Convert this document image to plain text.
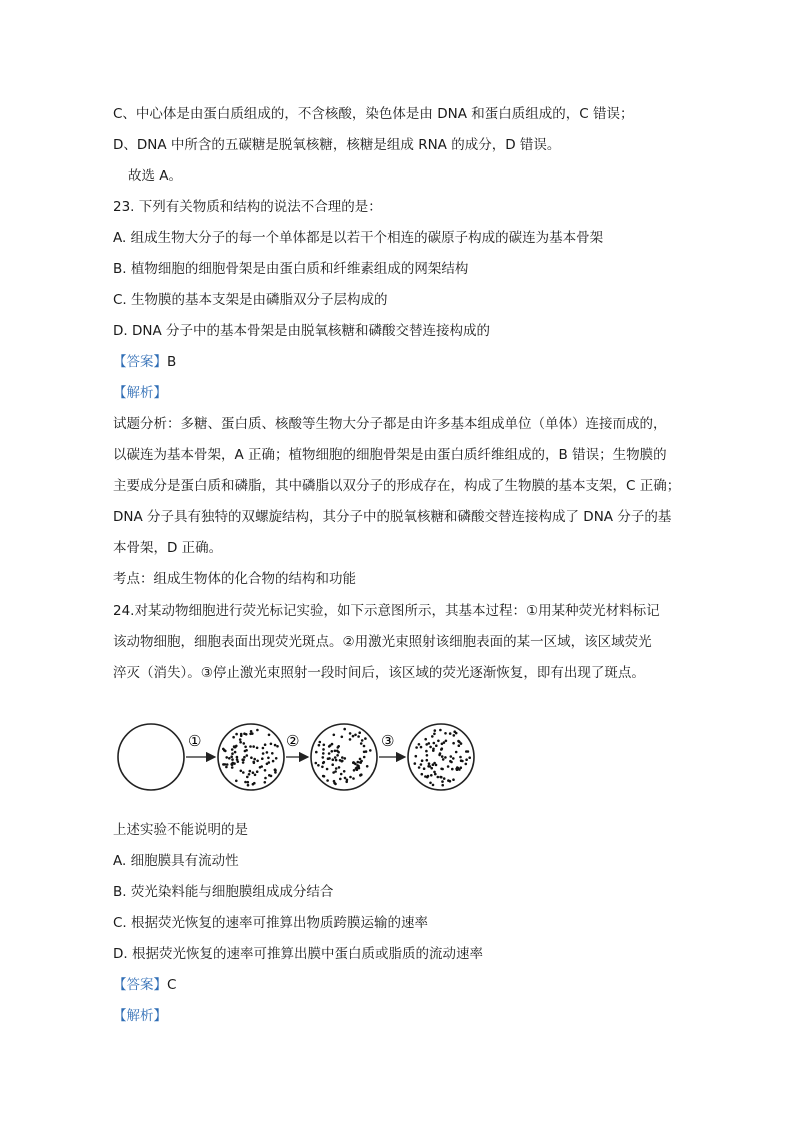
C、中心体是由蛋白质组成的，不含核酸，染色体是由 DNA 和蛋白质组成的，C 错误；
D、DNA 中所含的五碳糖是脱氧核糖，核糖是组成 RNA 的成分，D 错误。
故选 A。
23. 下列有关物质和结构的说法不合理的是：
A. 组成生物大分子的每一个单体都是以若干个相连的碳原子构成的碳连为基本骨架
B. 植物细胞的细胞骨架是由蛋白质和纤维素组成的网架结构
C. 生物膜的基本支架是由磷脂双分子层构成的
D. DNA 分子中的基本骨架是由脱氧核糖和磷酸交替连接构成的
【答案】B
【解析】
试题分析：多糖、蛋白质、核酸等生物大分子都是由许多基本组成单位（单体）连接而成的，
以碳连为基本骨架，A 正确；植物细胞的细胞骨架是由蛋白质纤维组成的，B 错误；生物膜的
主要成分是蛋白质和磷脂，其中磷脂以双分子的形成存在，构成了生物膜的基本支架，C 正确；
DNA 分子具有独特的双螺旋结构，其分子中的脱氧核糖和磷酸交替连接构成了 DNA 分子的基
本骨架，D 正确。
考点：组成生物体的化合物的结构和功能
24.对某动物细胞进行荧光标记实验，如下示意图所示，其基本过程：①用某种荧光材料标记
该动物细胞，细胞表面出现荧光斑点。②用激光束照射该细胞表面的某一区域，该区域荧光
淬灭（消失）。③停止激光束照射一段时间后，该区域的荧光逐渐恢复，即有出现了斑点。
①	②	③
上述实验不能说明的是
A. 细胞膜具有流动性
B. 荧光染料能与细胞膜组成成分结合
C. 根据荧光恢复的速率可推算出物质跨膜运输的速率
D. 根据荧光恢复的速率可推算出膜中蛋白质或脂质的流动速率
【答案】C
【解析】
